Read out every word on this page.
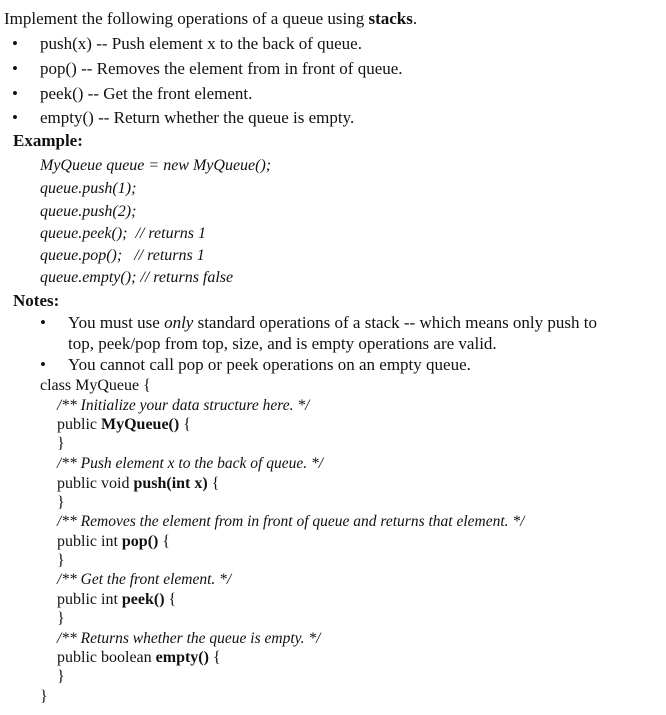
Implement the following operations of a queue using stacks.
• push(x) -- Push element x to the back of queue.
• pop() -- Removes the element from in front of queue.
• peek() -- Get the front element.
• empty() -- Return whether the queue is empty.
Example:
MyQueue queue = new MyQueue();
queue.push(1);
queue.push(2);
queue.peek();  // returns 1
queue.pop();   // returns 1
queue.empty(); // returns false
Notes:
• You must use only standard operations of a stack -- which means only push to
top, peek/pop from top, size, and is empty operations are valid.
• You cannot call pop or peek operations on an empty queue.
class MyQueue {
/** Initialize your data structure here. */
public MyQueue() {
}
/** Push element x to the back of queue. */
public void push(int x) {
}
/** Removes the element from in front of queue and returns that element. */
public int pop() {
}
/** Get the front element. */
public int peek() {
}
/** Returns whether the queue is empty. */
public boolean empty() {
}
}
